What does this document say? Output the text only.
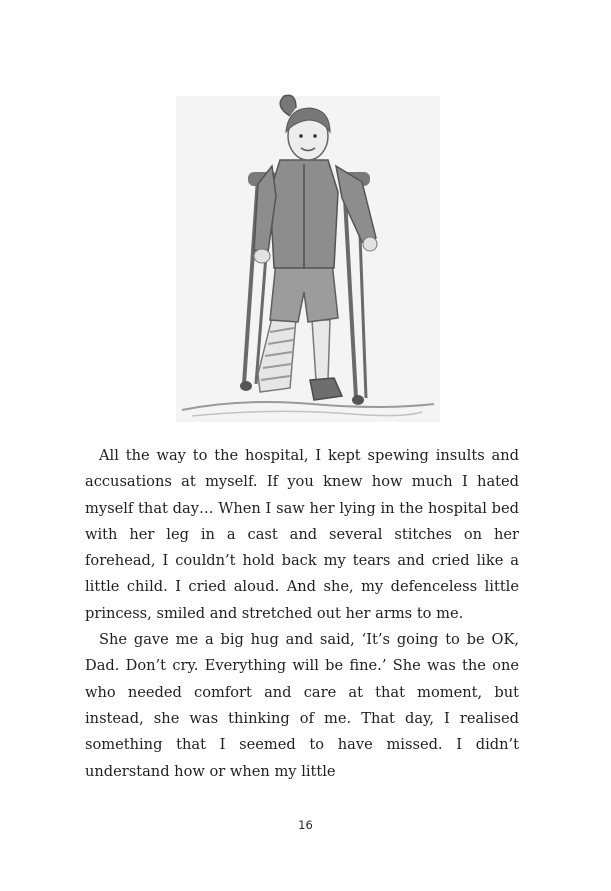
All the way to the hospital, I kept spewing insults and accusations at myself. If you knew how much I hated myself that day… When I saw her lying in the hospital bed with her leg in a cast and several stitches on her forehead, I couldn’t hold back my tears and cried like a little child. I cried aloud. And she, my defenceless little princess, smiled and stretched out her arms to me.

She gave me a big hug and said, ‘It’s going to be OK, Dad. Don’t cry. Everything will be fine.’ She was the one who needed comfort and care at that moment, but instead, she was thinking of me. That day, I realised something that I seemed to have missed. I didn’t understand how or when my little

16
